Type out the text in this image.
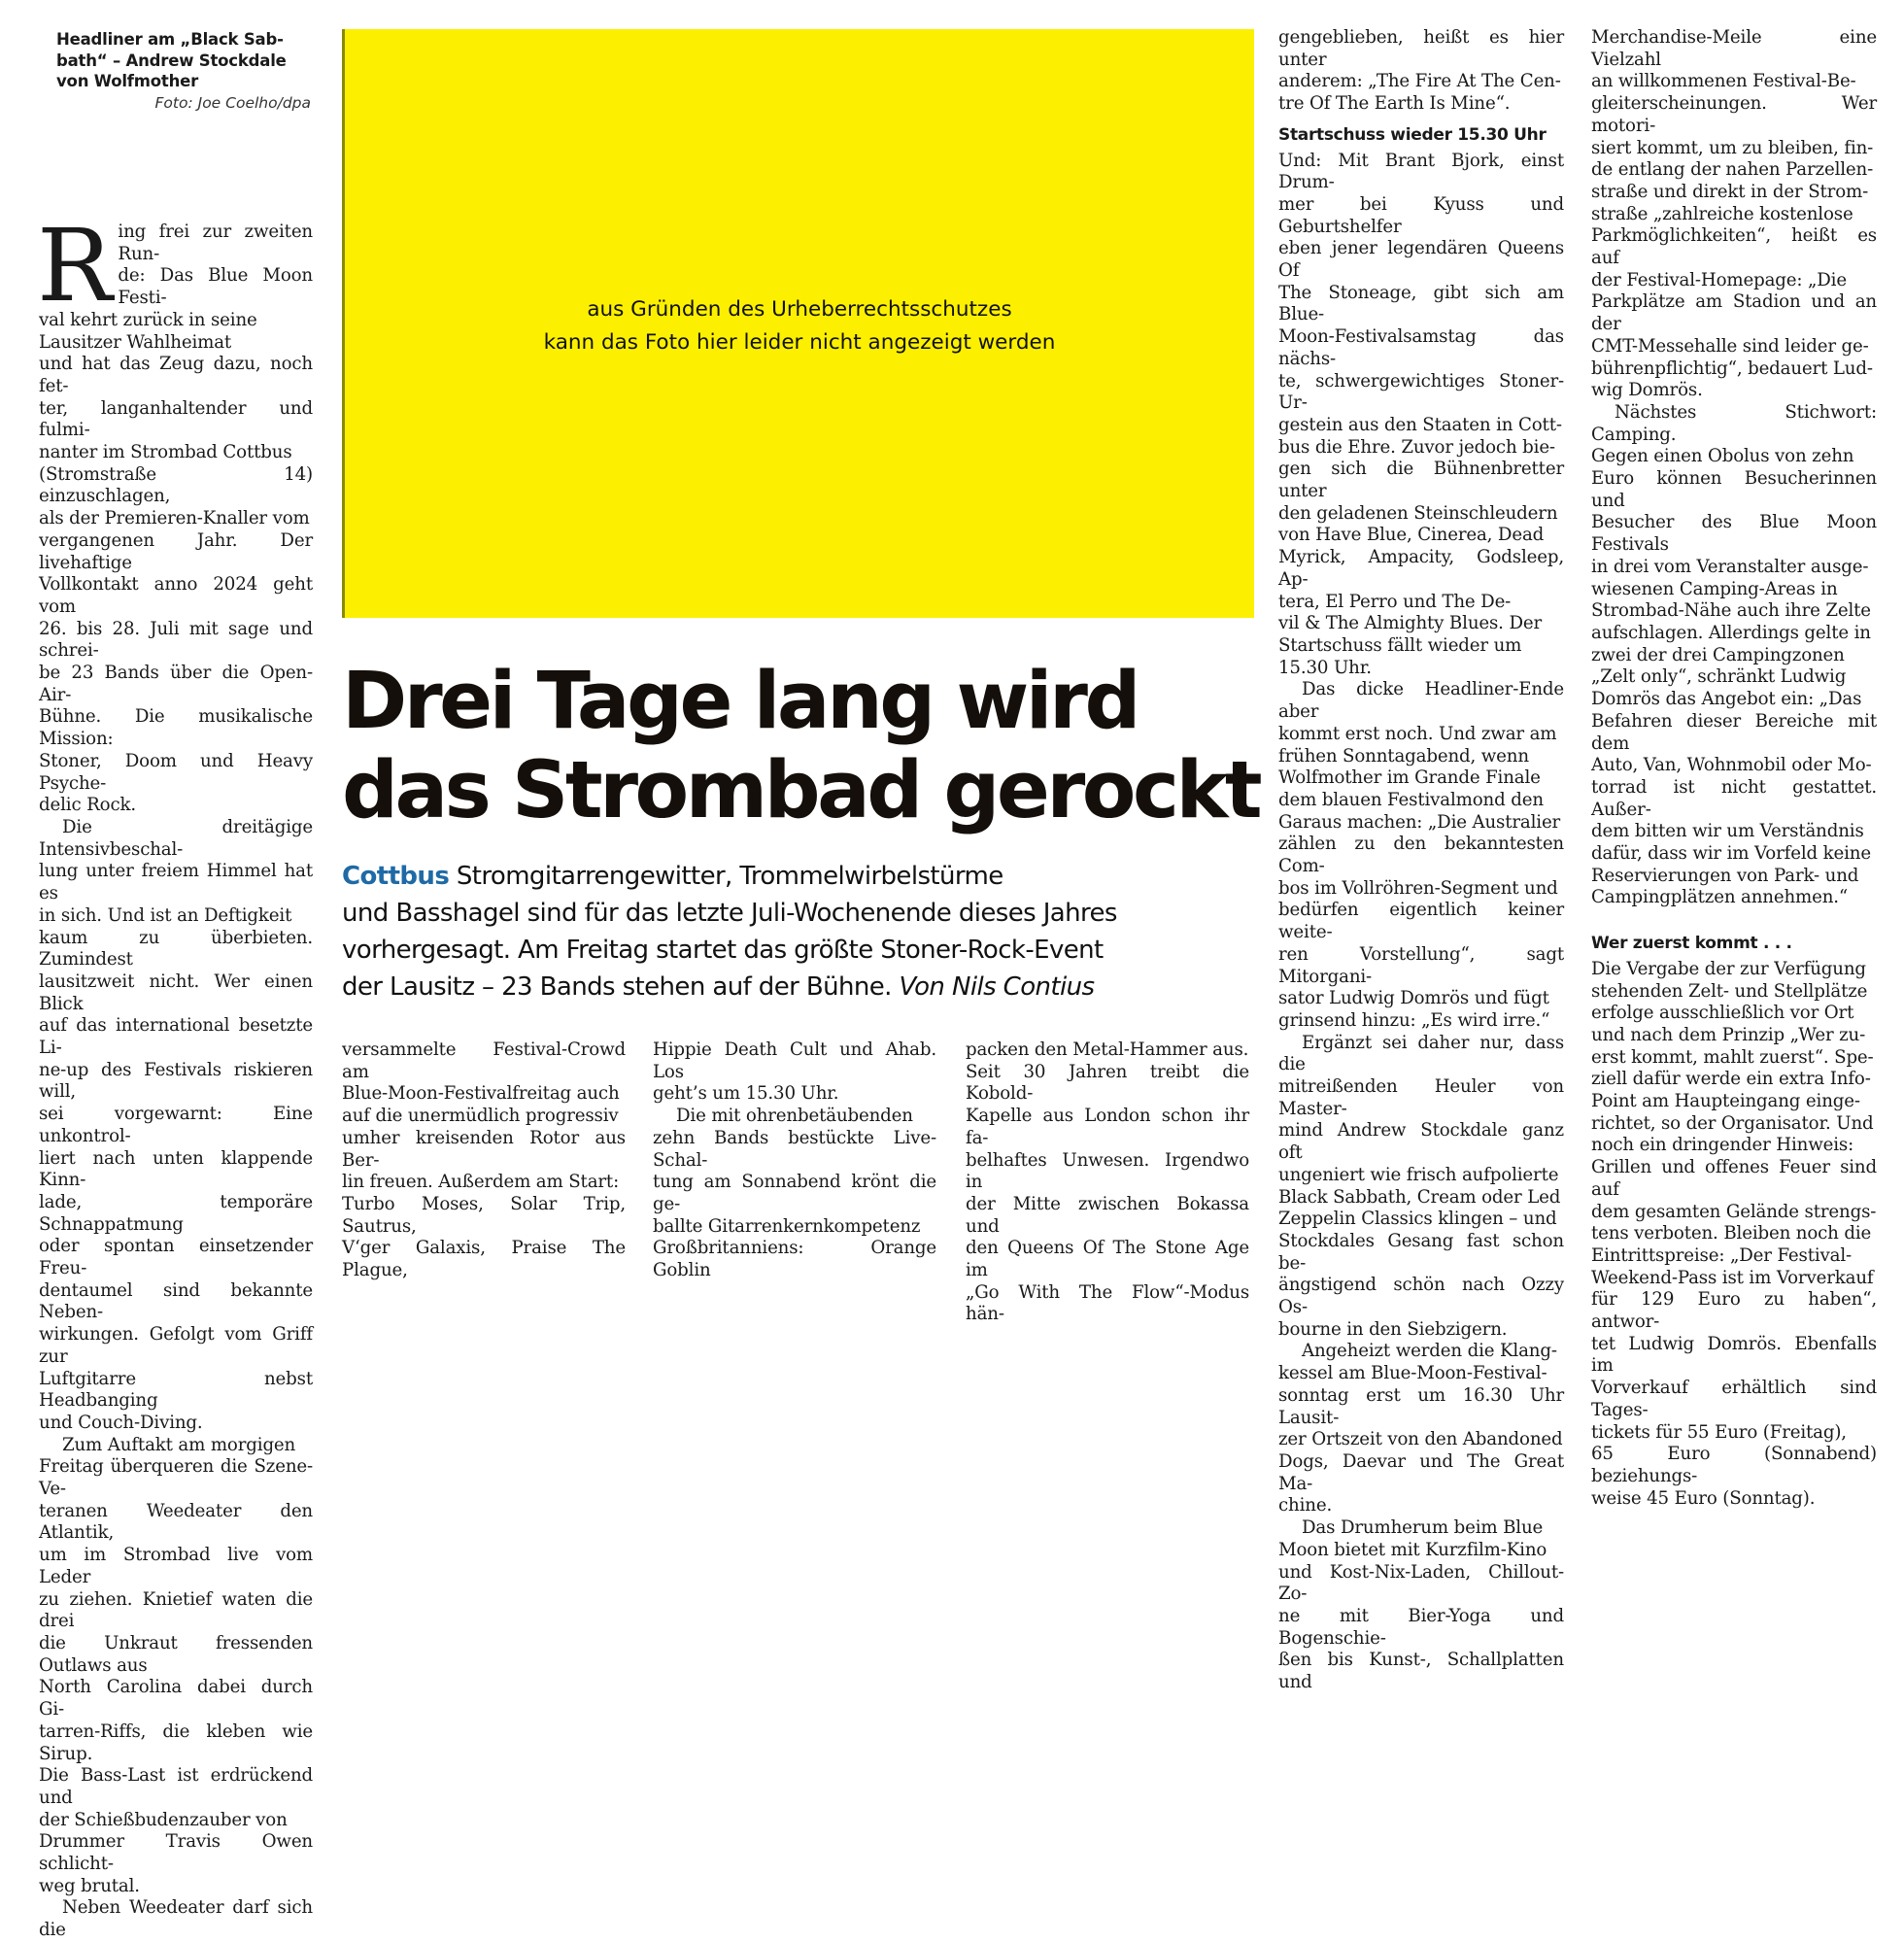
Headliner am „Black Sab-
bath“ – Andrew Stockdale
von Wolfmother
Foto: Joe Coelho/dpa
aus Gründen des Urheberrechtsschutzes
kann das Foto hier leider nicht angezeigt werden
Drei Tage lang wird
das Strombad gerockt
Cottbus Stromgitarrengewitter, Trommelwirbelstürme
und Basshagel sind für das letzte Juli-Wochenende dieses Jahres
vorhergesagt. Am Freitag startet das größte Stoner-Rock-Event
der Lausitz – 23 Bands stehen auf der Bühne. Von Nils Contius

Ring frei zur zweiten Run-
de: Das Blue Moon Festi-
val kehrt zurück in seine
Lausitzer Wahlheimat
und hat das Zeug dazu, noch fet-
ter, langanhaltender und fulmi-
nanter im Strombad Cottbus
(Stromstraße 14) einzuschlagen,
als der Premieren-Knaller vom
vergangenen Jahr. Der livehaftige
Vollkontakt anno 2024 geht vom
26. bis 28. Juli mit sage und schrei-
be 23 Bands über die Open-Air-
Bühne. Die musikalische Mission:
Stoner, Doom und Heavy Psyche-
delic Rock.

Die dreitägige Intensivbeschal-
lung unter freiem Himmel hat es
in sich. Und ist an Deftigkeit
kaum zu überbieten. Zumindest
lausitzweit nicht. Wer einen Blick
auf das international besetzte Li-
ne-up des Festivals riskieren will,
sei vorgewarnt: Eine unkontrol-
liert nach unten klappende Kinn-
lade, temporäre Schnappatmung
oder spontan einsetzender Freu-
dentaumel sind bekannte Neben-
wirkungen. Gefolgt vom Griff zur
Luftgitarre nebst Headbanging
und Couch-Diving.

Zum Auftakt am morgigen
Freitag überqueren die Szene-Ve-
teranen Weedeater den Atlantik,
um im Strombad live vom Leder
zu ziehen. Knietief waten die drei
die Unkraut fressenden Outlaws aus
North Carolina dabei durch Gi-
tarren-Riffs, die kleben wie Sirup.
Die Bass-Last ist erdrückend und
der Schießbudenzauber von
Drummer Travis Owen schlicht-
weg brutal.

Neben Weedeater darf sich die

versammelte Festival-Crowd am
Blue-Moon-Festivalfreitag auch
auf die unermüdlich progressiv
umher kreisenden Rotor aus Ber-
lin freuen. Außerdem am Start:
Turbo Moses, Solar Trip, Sautrus,
V‘ger Galaxis, Praise The Plague,

Hippie Death Cult und Ahab. Los
geht’s um 15.30 Uhr.

Die mit ohrenbetäubenden
zehn Bands bestückte Live-Schal-
tung am Sonnabend krönt die ge-
ballte Gitarrenkernkompetenz
Großbritanniens: Orange Goblin

packen den Metal-Hammer aus.
Seit 30 Jahren treibt die Kobold-
Kapelle aus London schon ihr fa-
belhaftes Unwesen. Irgendwo in
der Mitte zwischen Bokassa und
den Queens Of The Stone Age im
„Go With The Flow“-Modus hän-

gengeblieben, heißt es hier unter
anderem: „The Fire At The Cen-
tre Of The Earth Is Mine“.

Startschuss wieder 15.30 Uhr

Und: Mit Brant Bjork, einst Drum-
mer bei Kyuss und Geburtshelfer
eben jener legendären Queens Of
The Stoneage, gibt sich am Blue-
Moon-Festivalsamstag das nächs-
te, schwergewichtiges Stoner-Ur-
gestein aus den Staaten in Cott-
bus die Ehre. Zuvor jedoch bie-
gen sich die Bühnenbretter unter
den geladenen Steinschleudern
von Have Blue, Cinerea, Dead
Myrick, Ampacity, Godsleep, Ap-
tera, El Perro und The De-
vil & The Almighty Blues. Der
Startschuss fällt wieder um
15.30 Uhr.

Das dicke Headliner-Ende aber
kommt erst noch. Und zwar am
frühen Sonntagabend, wenn
Wolfmother im Grande Finale
dem blauen Festivalmond den
Garaus machen: „Die Australier
zählen zu den bekanntesten Com-
bos im Vollröhren-Segment und
bedürfen eigentlich keiner weite-
ren Vorstellung“, sagt Mitorgani-
sator Ludwig Domrös und fügt
grinsend hinzu: „Es wird irre.“

Ergänzt sei daher nur, dass die
mitreißenden Heuler von Master-
mind Andrew Stockdale ganz oft
ungeniert wie frisch aufpolierte
Black Sabbath, Cream oder Led
Zeppelin Classics klingen – und
Stockdales Gesang fast schon be-
ängstigend schön nach Ozzy Os-
bourne in den Siebzigern.

Angeheizt werden die Klang-
kessel am Blue-Moon-Festival-
sonntag erst um 16.30 Uhr Lausit-
zer Ortszeit von den Abandoned
Dogs, Daevar und The Great Ma-
chine.

Das Drumherum beim Blue
Moon bietet mit Kurzfilm-Kino
und Kost-Nix-Laden, Chillout-Zo-
ne mit Bier-Yoga und Bogenschie-
ßen bis Kunst-, Schallplatten und

Merchandise-Meile eine Vielzahl
an willkommenen Festival-Be-
gleiterscheinungen. Wer motori-
siert kommt, um zu bleiben, fin-
de entlang der nahen Parzellen-
straße und direkt in der Strom-
straße „zahlreiche kostenlose
Parkmöglichkeiten“, heißt es auf
der Festival-Homepage: „Die
Parkplätze am Stadion und an der
CMT-Messehalle sind leider ge-
bührenpflichtig“, bedauert Lud-
wig Domrös.

Nächstes Stichwort: Camping.
Gegen einen Obolus von zehn
Euro können Besucherinnen und
Besucher des Blue Moon Festivals
in drei vom Veranstalter ausge-
wiesenen Camping-Areas in
Strombad-Nähe auch ihre Zelte
aufschlagen. Allerdings gelte in
zwei der drei Campingzonen
„Zelt only“, schränkt Ludwig
Domrös das Angebot ein: „Das
Befahren dieser Bereiche mit dem
Auto, Van, Wohnmobil oder Mo-
torrad ist nicht gestattet. Außer-
dem bitten wir um Verständnis
dafür, dass wir im Vorfeld keine
Reservierungen von Park- und
Campingplätzen annehmen.“

Wer zuerst kommt . . .

Die Vergabe der zur Verfügung
stehenden Zelt- und Stellplätze
erfolge ausschließlich vor Ort
und nach dem Prinzip „Wer zu-
erst kommt, mahlt zuerst“. Spe-
ziell dafür werde ein extra Info-
Point am Haupteingang einge-
richtet, so der Organisator. Und
noch ein dringender Hinweis:
Grillen und offenes Feuer sind auf
dem gesamten Gelände strengs-
tens verboten. Bleiben noch die
Eintrittspreise: „Der Festival-
Weekend-Pass ist im Vorverkauf
für 129 Euro zu haben“, antwor-
tet Ludwig Domrös. Ebenfalls im
Vorverkauf erhältlich sind Tages-
tickets für 55 Euro (Freitag),
65 Euro (Sonnabend) beziehungs-
weise 45 Euro (Sonntag).
